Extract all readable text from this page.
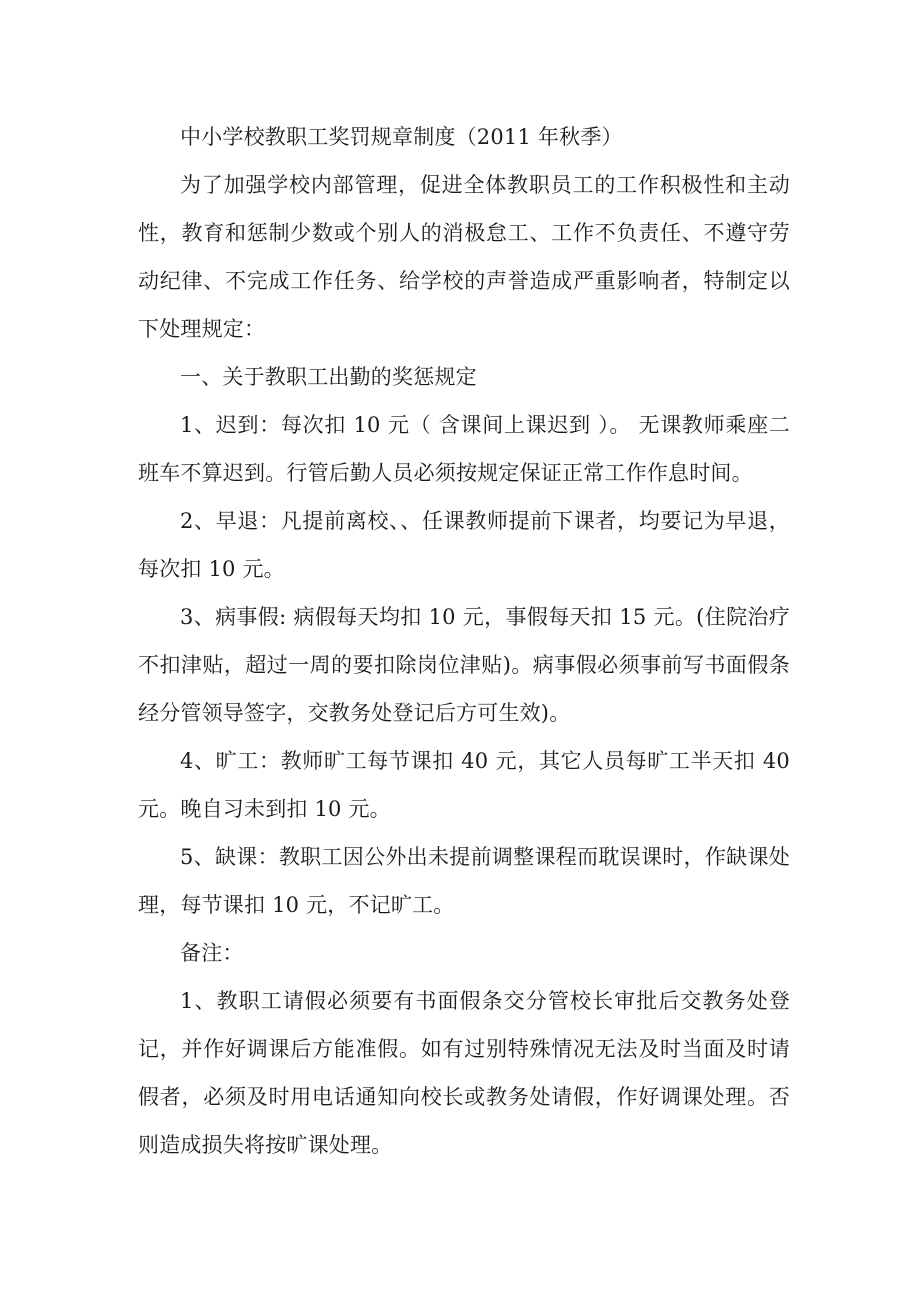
中小学校教职工奖罚规章制度（2011 年秋季）

为了加强学校内部管理，促进全体教职员工的工作积极性和主动性，教育和惩制少数或个别人的消极怠工、工作不负责任、不遵守劳动纪律、不完成工作任务、给学校的声誉造成严重影响者，特制定以下处理规定：

一、关于教职工出勤的奖惩规定

1、迟到：每次扣 10 元（ 含课间上课迟到 ）。 无课教师乘座二班车不算迟到。行管后勤人员必须按规定保证正常工作作息时间。

2、早退：凡提前离校、、任课教师提前下课者，均要记为早退，每次扣 10 元。

3、病事假: 病假每天均扣 10 元，事假每天扣 15 元。(住院治疗不扣津贴，超过一周的要扣除岗位津贴)。病事假必须事前写书面假条经分管领导签字，交教务处登记后方可生效)。

4、旷工：教师旷工每节课扣 40 元，其它人员每旷工半天扣 40 元。晚自习未到扣 10 元。

5、缺课：教职工因公外出未提前调整课程而耽误课时，作缺课处理，每节课扣 10 元，不记旷工。

备注：

1、教职工请假必须要有书面假条交分管校长审批后交教务处登记，并作好调课后方能准假。如有过别特殊情况无法及时当面及时请假者，必须及时用电话通知向校长或教务处请假，作好调课处理。否则造成损失将按旷课处理。
